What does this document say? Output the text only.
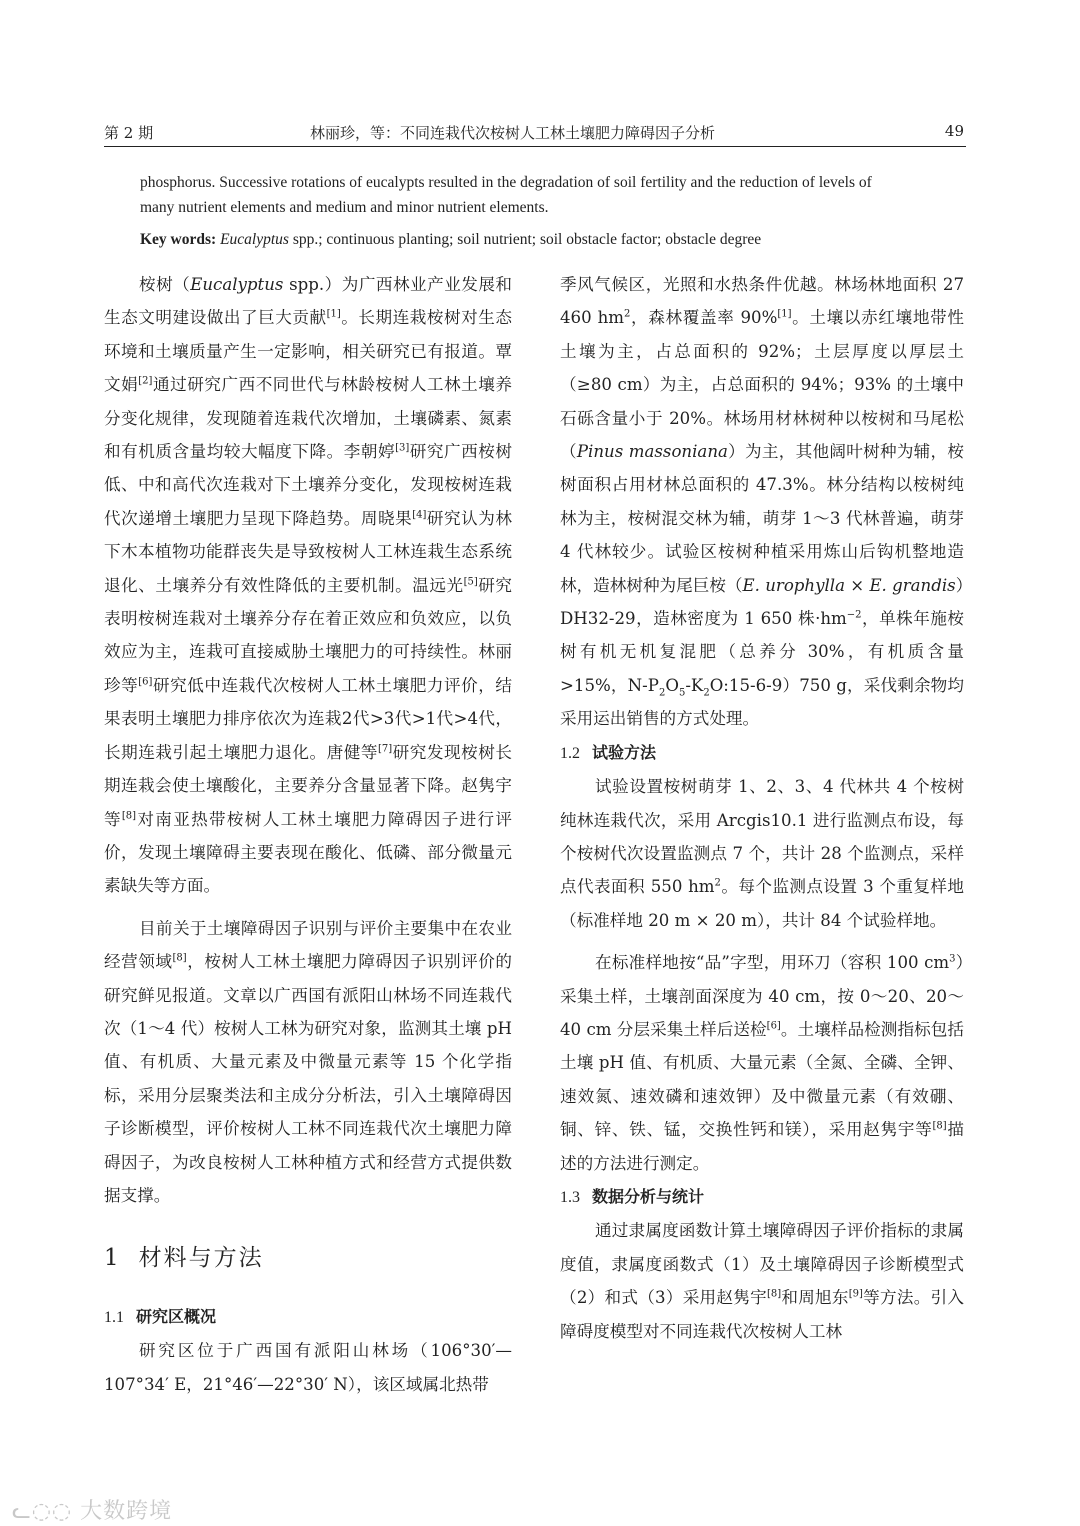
第 2 期	林丽珍，等：不同连栽代次桉树人工林土壤肥力障碍因子分析	49

phosphorus. Successive rotations of eucalypts resulted in the degradation of soil fertility and the reduction of levels of

many nutrient elements and medium and minor nutrient elements.

Key words: Eucalyptus spp.; continuous planting; soil nutrient; soil obstacle factor; obstacle degree

桉树（Eucalyptus spp.）为广西林业产业发展和生态文明建设做出了巨大贡献[1]。长期连栽桉树对生态环境和土壤质量产生一定影响，相关研究已有报道。覃文娟[2]通过研究广西不同世代与林龄桉树人工林土壤养分变化规律，发现随着连栽代次增加，土壤磷素、氮素和有机质含量均较大幅度下降。李朝婷[3]研究广西桉树低、中和高代次连栽对下土壤养分变化，发现桉树连栽代次递增土壤肥力呈现下降趋势。周晓果[4]研究认为林下木本植物功能群丧失是导致桉树人工林连栽生态系统退化、土壤养分有效性降低的主要机制。温远光[5]研究表明桉树连栽对土壤养分存在着正效应和负效应，以负效应为主，连栽可直接威胁土壤肥力的可持续性。林丽珍等[6]研究低中连栽代次桉树人工林土壤肥力评价，结果表明土壤肥力排序依次为连栽2代>3代>1代>4代，长期连栽引起土壤肥力退化。唐健等[7]研究发现桉树长期连栽会使土壤酸化，主要养分含量显著下降。赵隽宇等[8]对南亚热带桉树人工林土壤肥力障碍因子进行评价，发现土壤障碍主要表现在酸化、低磷、部分微量元素缺失等方面。

目前关于土壤障碍因子识别与评价主要集中在农业经营领域[8]，桉树人工林土壤肥力障碍因子识别评价的研究鲜见报道。文章以广西国有派阳山林场不同连栽代次（1～4 代）桉树人工林为研究对象，监测其土壤 pH 值、有机质、大量元素及中微量元素等 15 个化学指标，采用分层聚类法和主成分分析法，引入土壤障碍因子诊断模型，评价桉树人工林不同连栽代次土壤肥力障碍因子，为改良桉树人工林种植方式和经营方式提供数据支撑。

1 材料与方法

1.1 研究区概况

研究区位于广西国有派阳山林场（106°30′—107°34′ E，21°46′—22°30′ N），该区域属北热带

季风气候区，光照和水热条件优越。林场林地面积 27 460 $hm^2$，森林覆盖率 90%[1]。土壤以赤红壤地带性土壤为主，占总面积的 92%；土层厚度以厚层土（≥80 cm）为主，占总面积的 94%；93% 的土壤中石砾含量小于 20%。林场用材林树种以桉树和马尾松（Pinus massoniana）为主，其他阔叶树种为辅，桉树面积占用材林总面积的 47.3%。林分结构以桉树纯林为主，桉树混交林为辅，萌芽 1～3 代林普遍，萌芽 4 代林较少。试验区桉树种植采用炼山后钩机整地造林，造林树种为尾巨桉（E. urophylla × E. grandis）DH32-29，造林密度为 1 650 株$\cdot hm^{-2}$，单株年施桉树有机无机复混肥（总养分 30%，有机质含量 >15%，$N-P_2O_5-K_2O:15-6-9)750$ g，采伐剩余物均采用运出销售的方式处理。

1.2 试验方法

试验设置桉树萌芽 1、2、3、4 代林共 4 个桉树纯林连栽代次，采用 Arcgis10.1 进行监测点布设，每个桉树代次设置监测点 7 个，共计 28 个监测点，采样点代表面积 550 $hm^2$。每个监测点设置 3 个重复样地（标准样地 20 m × 20 m），共计 84 个试验样地。

在标准样地按“品”字型，用环刀（容积 100 $cm^3$）采集土样，土壤剖面深度为 40 cm，按 0～20、20～40 cm 分层采集土样后送检[6]。土壤样品检测指标包括土壤 pH 值、有机质、大量元素（全氮、全磷、全钾、速效氮、速效磷和速效钾）及中微量元素（有效硼、铜、锌、铁、锰，交换性钙和镁），采用赵隽宇等[8]描述的方法进行测定。

1.3 数据分析与统计

通过隶属度函数计算土壤障碍因子评价指标的隶属度值，隶属度函数式（1）及土壤障碍因子诊断模型式（2）和式（3）采用赵隽宇[8]和周旭东[9]等方法。引入障碍度模型对不同连栽代次桉树人工林

ᓚ◌◌ 大数跨境
